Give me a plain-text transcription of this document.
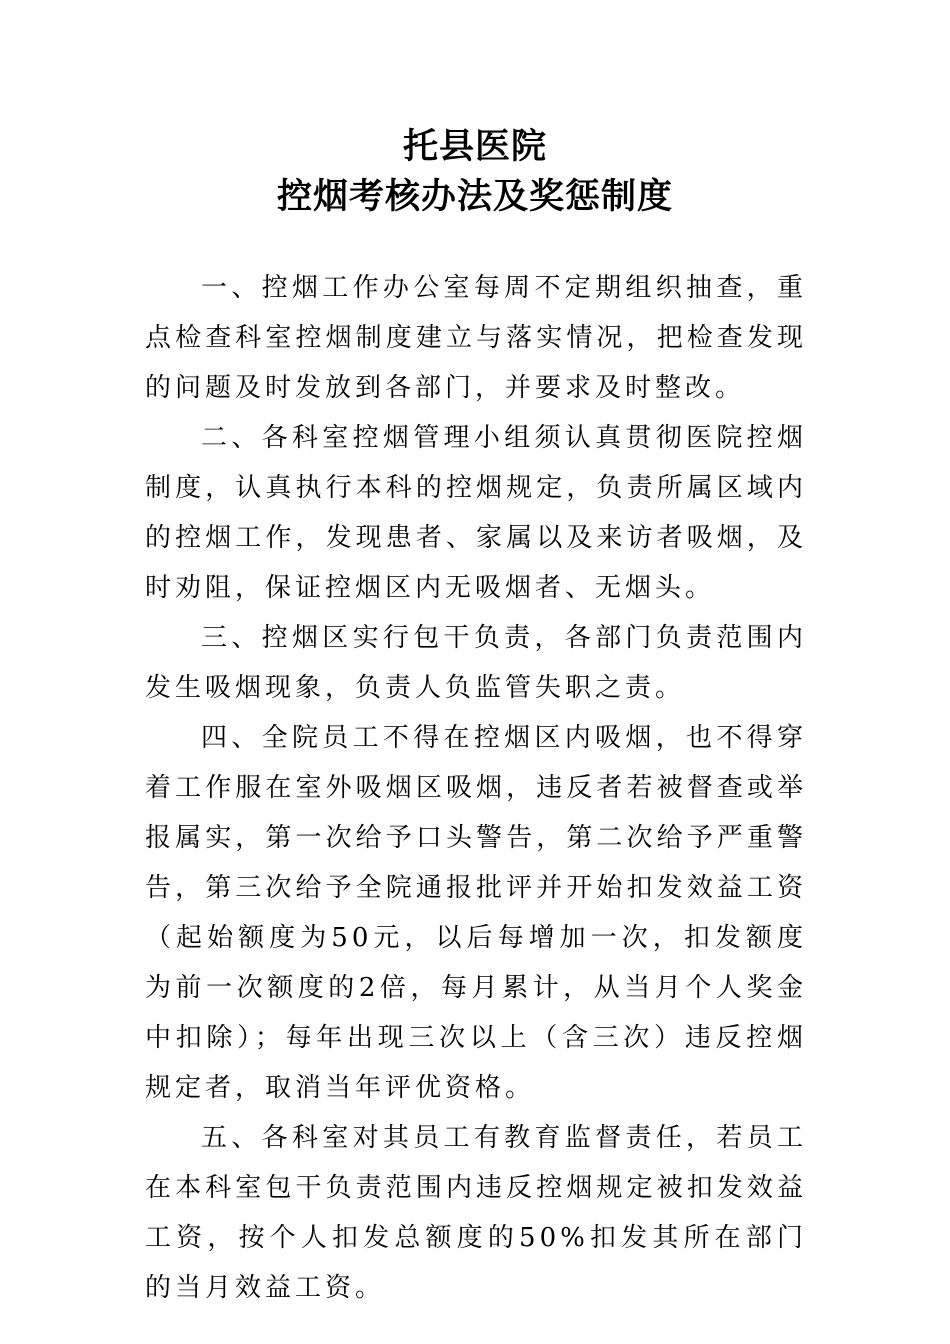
托县医院
控烟考核办法及奖惩制度

一、控烟工作办公室每周不定期组织抽查，重点检查科室控烟制度建立与落实情况，把检查发现的问题及时发放到各部门，并要求及时整改。

二、各科室控烟管理小组须认真贯彻医院控烟制度，认真执行本科的控烟规定，负责所属区域内的控烟工作，发现患者、家属以及来访者吸烟，及时劝阻，保证控烟区内无吸烟者、无烟头。

三、控烟区实行包干负责，各部门负责范围内发生吸烟现象，负责人负监管失职之责。

四、全院员工不得在控烟区内吸烟，也不得穿着工作服在室外吸烟区吸烟，违反者若被督查或举报属实，第一次给予口头警告，第二次给予严重警告，第三次给予全院通报批评并开始扣发效益工资（起始额度为50元，以后每增加一次，扣发额度为前一次额度的2倍，每月累计，从当月个人奖金中扣除）；每年出现三次以上（含三次）违反控烟规定者，取消当年评优资格。

五、各科室对其员工有教育监督责任，若员工在本科室包干负责范围内违反控烟规定被扣发效益工资，按个人扣发总额度的50%扣发其所在部门的当月效益工资。
